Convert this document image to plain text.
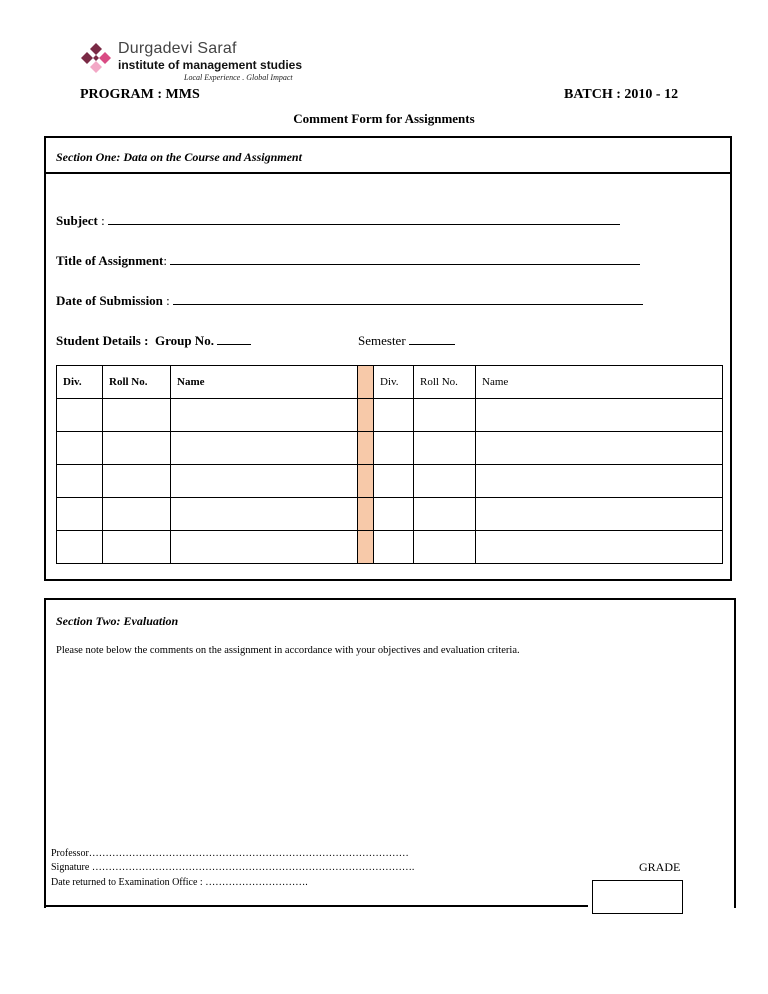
Durgadevi Saraf
institute of management studies
Local Experience . Global Impact
PROGRAM : MMS	BATCH : 2010 - 12
Comment Form for Assignments
Section One: Data on the Course and Assignment
Subject :
Title of Assignment:
Date of Submission :
Student Details : Group No.	Semester
Div.	Roll No.	Name		Div.	Roll No.	Name

Section Two: Evaluation
Please note below the comments on the assignment in accordance with your objectives and evaluation criteria.
Professor……………………………………………………………………………………
Signature …………………………………………………………………………………….
Date returned to Examination Office : ………………………….
GRADE
